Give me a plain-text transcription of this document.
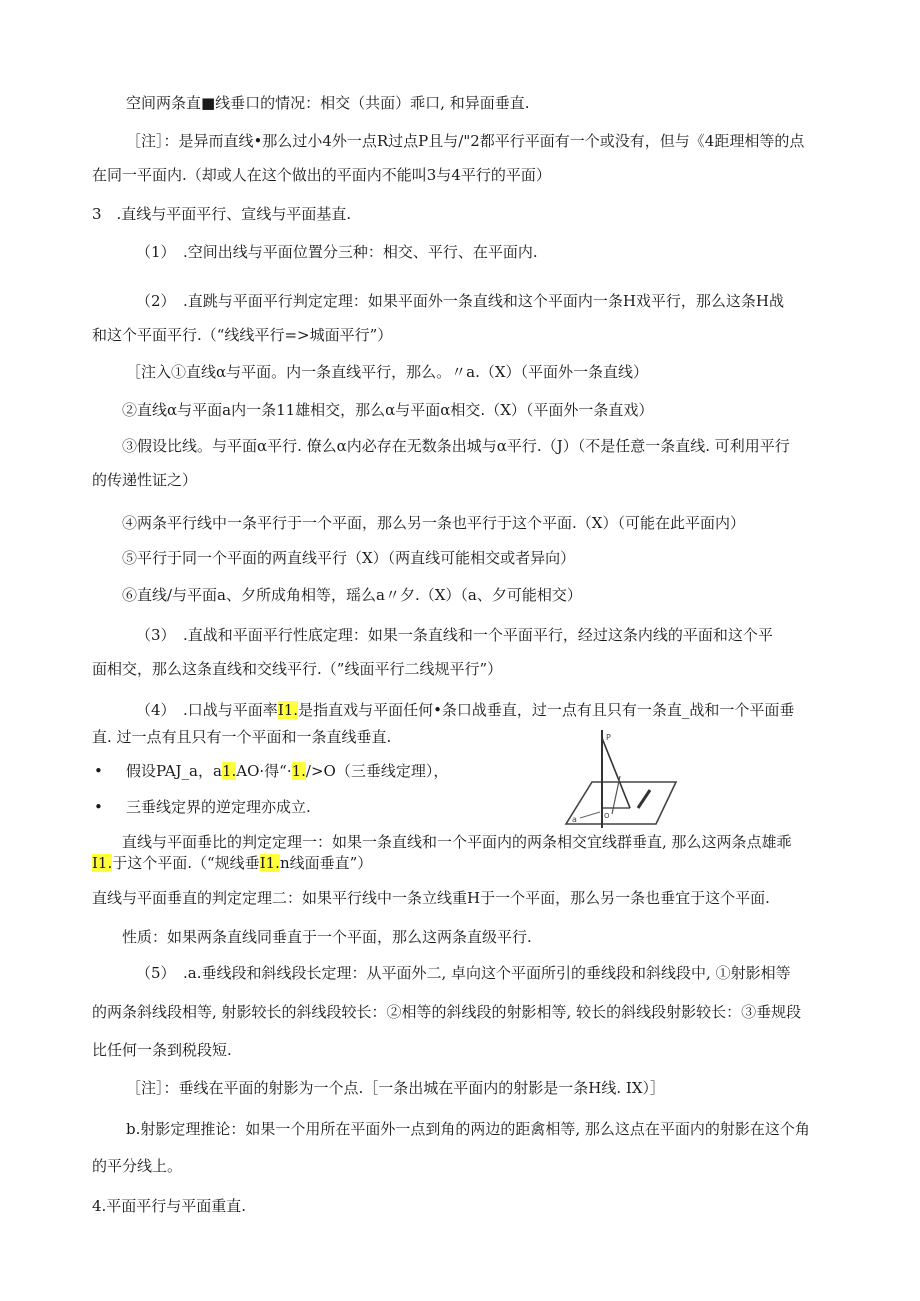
空间两条直■线垂口的情况：相交（共面）乖口, 和异面垂直.
［注］：是异而直线•那么过小4外一点R过点P且与/"2都平行平面有一个或没有，但与《4距理相等的点
在同一平面内.（却或人在这个做出的平面内不能叫3与4平行的平面）
3　.直线与平面平行、宣线与平面基直.
（1）　.空间出线与平面位置分三种：相交、平行、在平面内.
（2）　.直跳与平面平行判定定理：如果平面外一条直线和这个平面内一条H戏平行，那么这条H战
和这个平面平行.（“线线平行=>城面平行”）
［注入①直线α与平面。内一条直线平行，那么。〃a.（X）（平面外一条直线）
②直线α与平面a内一条11雄相交，那么α与平面α相交.（X）（平面外一条直戏）
③假设比线。与平面α平行. 僚么α内必存在无数条出城与α平行.（J）（不是任意一条直线. 可利用平行
的传递性证之）
④两条平行线中一条平行于一个平面，那么另一条也平行于这个平面.（X）（可能在此平面内）
⑤平行于同一个平面的两直线平行（X）（两直线可能相交或者异向）
⑥直线/与平面a、夕所成角相等，瑶么a〃夕.（X）（a、夕可能相交）
（3）　.直战和平面平行性底定理：如果一条直线和一个平面平行，经过这条内线的平面和这个平
面相交，那么这条直线和交线平行.（”线面平行二线规平行”）
（4）　.口战与平面率I1.是指直戏与平面任何•条口战垂直，过一点有且只有一条直_战和一个平面垂
直. 过一点有且只有一个平面和一条直线垂直.
• 假设PAJ_a，a1.AO·得“·1./>O（三垂线定理），
• 三垂线定界的逆定理亦成立.
直线与平面垂比的判定定理一：如果一条直线和一个平面内的两条相交宜线群垂直, 那么这两条点雄乖
I1.于这个平面.（“规线垂I1.n线面垂直”）
直线与平面垂直的判定定理二：如果平行线中一条立线重H于一个平面，那么另一条也垂宜于这个平面.
性质：如果两条直线同垂直于一个平面，那么这两条直级平行.
（5）　.a.垂线段和斜线段长定理：从平面外二, 卓向这个平面所引的垂线段和斜线段中, ①射影相等
的两条斜线段相等, 射影较长的斜线段较长：②相等的斜线段的射影相等, 较长的斜线段射影较长：③垂规段
比任何一条到税段短.
［注］：垂线在平面的射影为一个点.［一条出城在平面内的射影是一条H线. IX）］
b.射影定理推论：如果一个用所在平面外一点到角的两边的距禽相等, 那么这点在平面内的射影在这个角
的平分线上。
4.平面平行与平面重直.
P
a	O
